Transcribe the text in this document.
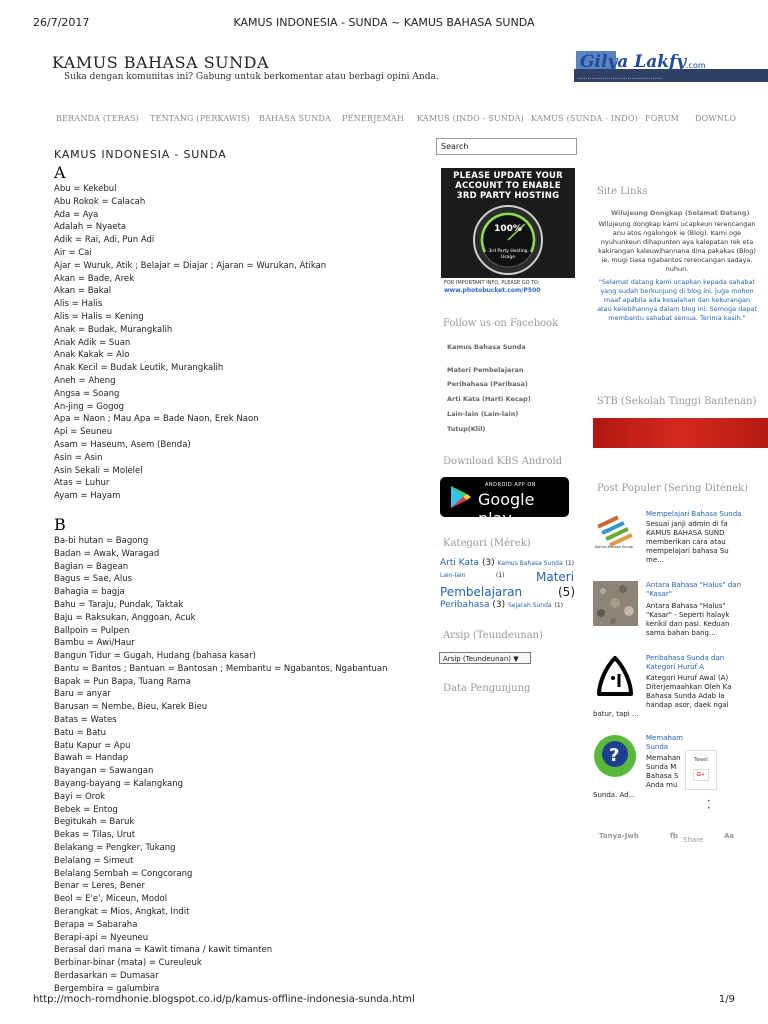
26/7/2017	KAMUS INDONESIA - SUNDA ~ KAMUS BAHASA SUNDA
KAMUS BAHASA SUNDA
Suka dengan komunitas ini? Gabung untuk berkomentar atau berbagi opini Anda.
Gilya Lakfy .com
............................................
BERANDA (TERAS) TENTANG (PERKAWIS) BAHASA SUNDA PENERJEMAH KAMUS (INDO - SUNDA) KAMUS (SUNDA - INDO) FORUM DOWNLO
KAMUS INDONESIA - SUNDA
A
Abu = Kekebul
Abu Rokok = Calacah
Ada = Aya
Adalah = Nyaeta
Adik = Rai, Adi, Pun Adi
Air = Cai
Ajar = Wuruk, Atik ; Belajar = Diajar ; Ajaran = Wurukan, Atikan
Akan = Bade, Arek
Akan = Bakal
Alis = Halis
Alis = Halis = Kening
Anak = Budak, Murangkalih
Anak Adik = Suan
Anak Kakak = Alo
Anak Kecil = Budak Leutik, Murangkalih
Aneh = Aheng
Angsa = Soang
An-jing = Gogog
Apa = Naon ; Mau Apa = Bade Naon, Erek Naon
Api = Seuneu
Asam = Haseum, Asem (Benda)
Asin = Asin
Asin Sekali = Molelel
Atas = Luhur
Ayam = Hayam
B
Ba-bi hutan = Bagong
Badan = Awak, Waragad
Bagian = Bagean
Bagus = Sae, Alus
Bahagia = bagja
Bahu = Taraju, Pundak, Taktak
Baju = Raksukan, Anggoan, Acuk
Ballpoin = Pulpen
Bambu = Awi/Haur
Bangun Tidur = Gugah, Hudang (bahasa kasar)
Bantu = Bantos ; Bantuan = Bantosan ; Membantu = Ngabantos, Ngabantuan
Bapak = Pun Bapa, Tuang Rama
Baru = anyar
Barusan = Nembe, Bieu, Karek Bieu
Batas = Wates
Batu = Batu
Batu Kapur = Apu
Bawah = Handap
Bayangan = Sawangan
Bayang-bayang = Kalangkang
Bayi = Orok
Bebek = Entog
Begitukah = Baruk
Bekas = Tilas, Urut
Belakang = Pengker, Tukang
Belalang = Simeut
Belalang Sembah = Congcorang
Benar = Leres, Bener
Beol = E'e', Miceun, Modol
Berangkat = Mios, Angkat, Indit
Berapa = Sabaraha
Berapi-api = Nyeuneu
Berasal dari mana = Kawit timana / kawit timanten
Berbinar-binar (mata) = Cureuleuk
Berdasarkan = Dumasar
Bergembira = galumbira
Search
PLEASE UPDATE YOUR
ACCOUNT TO ENABLE
3RD PARTY HOSTING
100%
3rd Party Hosting Usage
FOR IMPORTANT INFO, PLEASE GO TO:
www.photobucket.com/P500
Follow us on Facebook
Kamus Bahasa Sunda
Materi Pembelajaran
Peribahasa (Paribasa)
Arti Kata (Harti Kecap)
Lain-lain (Lain-lain)
Tutup(Klil)
Download KBS Android
ANDROID APP ON
Google play
Kategori (Mérek)
Arti Kata (3) Kamus Bahasa Sunda (1)
Lain-lain	(1)	Materi
Pembelajaran	(5)
Peribahasa (3) Sejarah Sunda (1)
Arsip (Teundeunan)
Arsip (Teundeunan) ▼
Data Pengunjung
Site Links
Wilujeung Dongkap (Selamat Datang)
Wilujeung dongkap kami ucapkeun rerencangan anu atos ngalongok ie (Blog). Kami oge nyuhunkeun dihapunten aya kalepatan rek eta kakirangan kaleuwihannana dina pakakas (Blog) ie, mugi tiasa ngabantos rerencangan sadaya. nuhun.
"Selamat datang kami ucapkan kepada sahabat yang sudah berkunjung di blog ini, juga mohon maaf apabila ada kesalahan dan kekurangan atau kelebihannya dalam blog ini. Semoga dapat membantu sahabat semua. Terima kasih."
STB (Sekolah Tinggi Bantenan)
Post Populer (Sering Ditének)
Kamus Bahasa Sunda
Mempelajari Bahasa Sunda
Sesuai janji admin di fa
KAMUS BAHASA SUND
memberikan cara atau
mempelajari bahasa Su
me...
Antara Bahasa "Halus" dan
"Kasar"
Antara Bahasa "Halus"
"Kasar" - Seperti halayk
kerikil dan pasi. Keduan
sama bahan bang...
Peribahasa Sunda dan
Kategori Huruf A
Kategori Huruf Awal (A)
Diterjemaahkan Oleh Ka
Bahasa Sunda Adab la
handap asor, daek ngal
batur, tapi ...
?
Memaham
Sunda
Memahan
Sunda M
Bahasa S
Anda mu
Sunda. Ad...
Tweet
G+
•
•
Tanya-Jwb	fb Share	Aa
http://moch-romdhonie.blogspot.co.id/p/kamus-offline-indonesia-sunda.html	1/9
